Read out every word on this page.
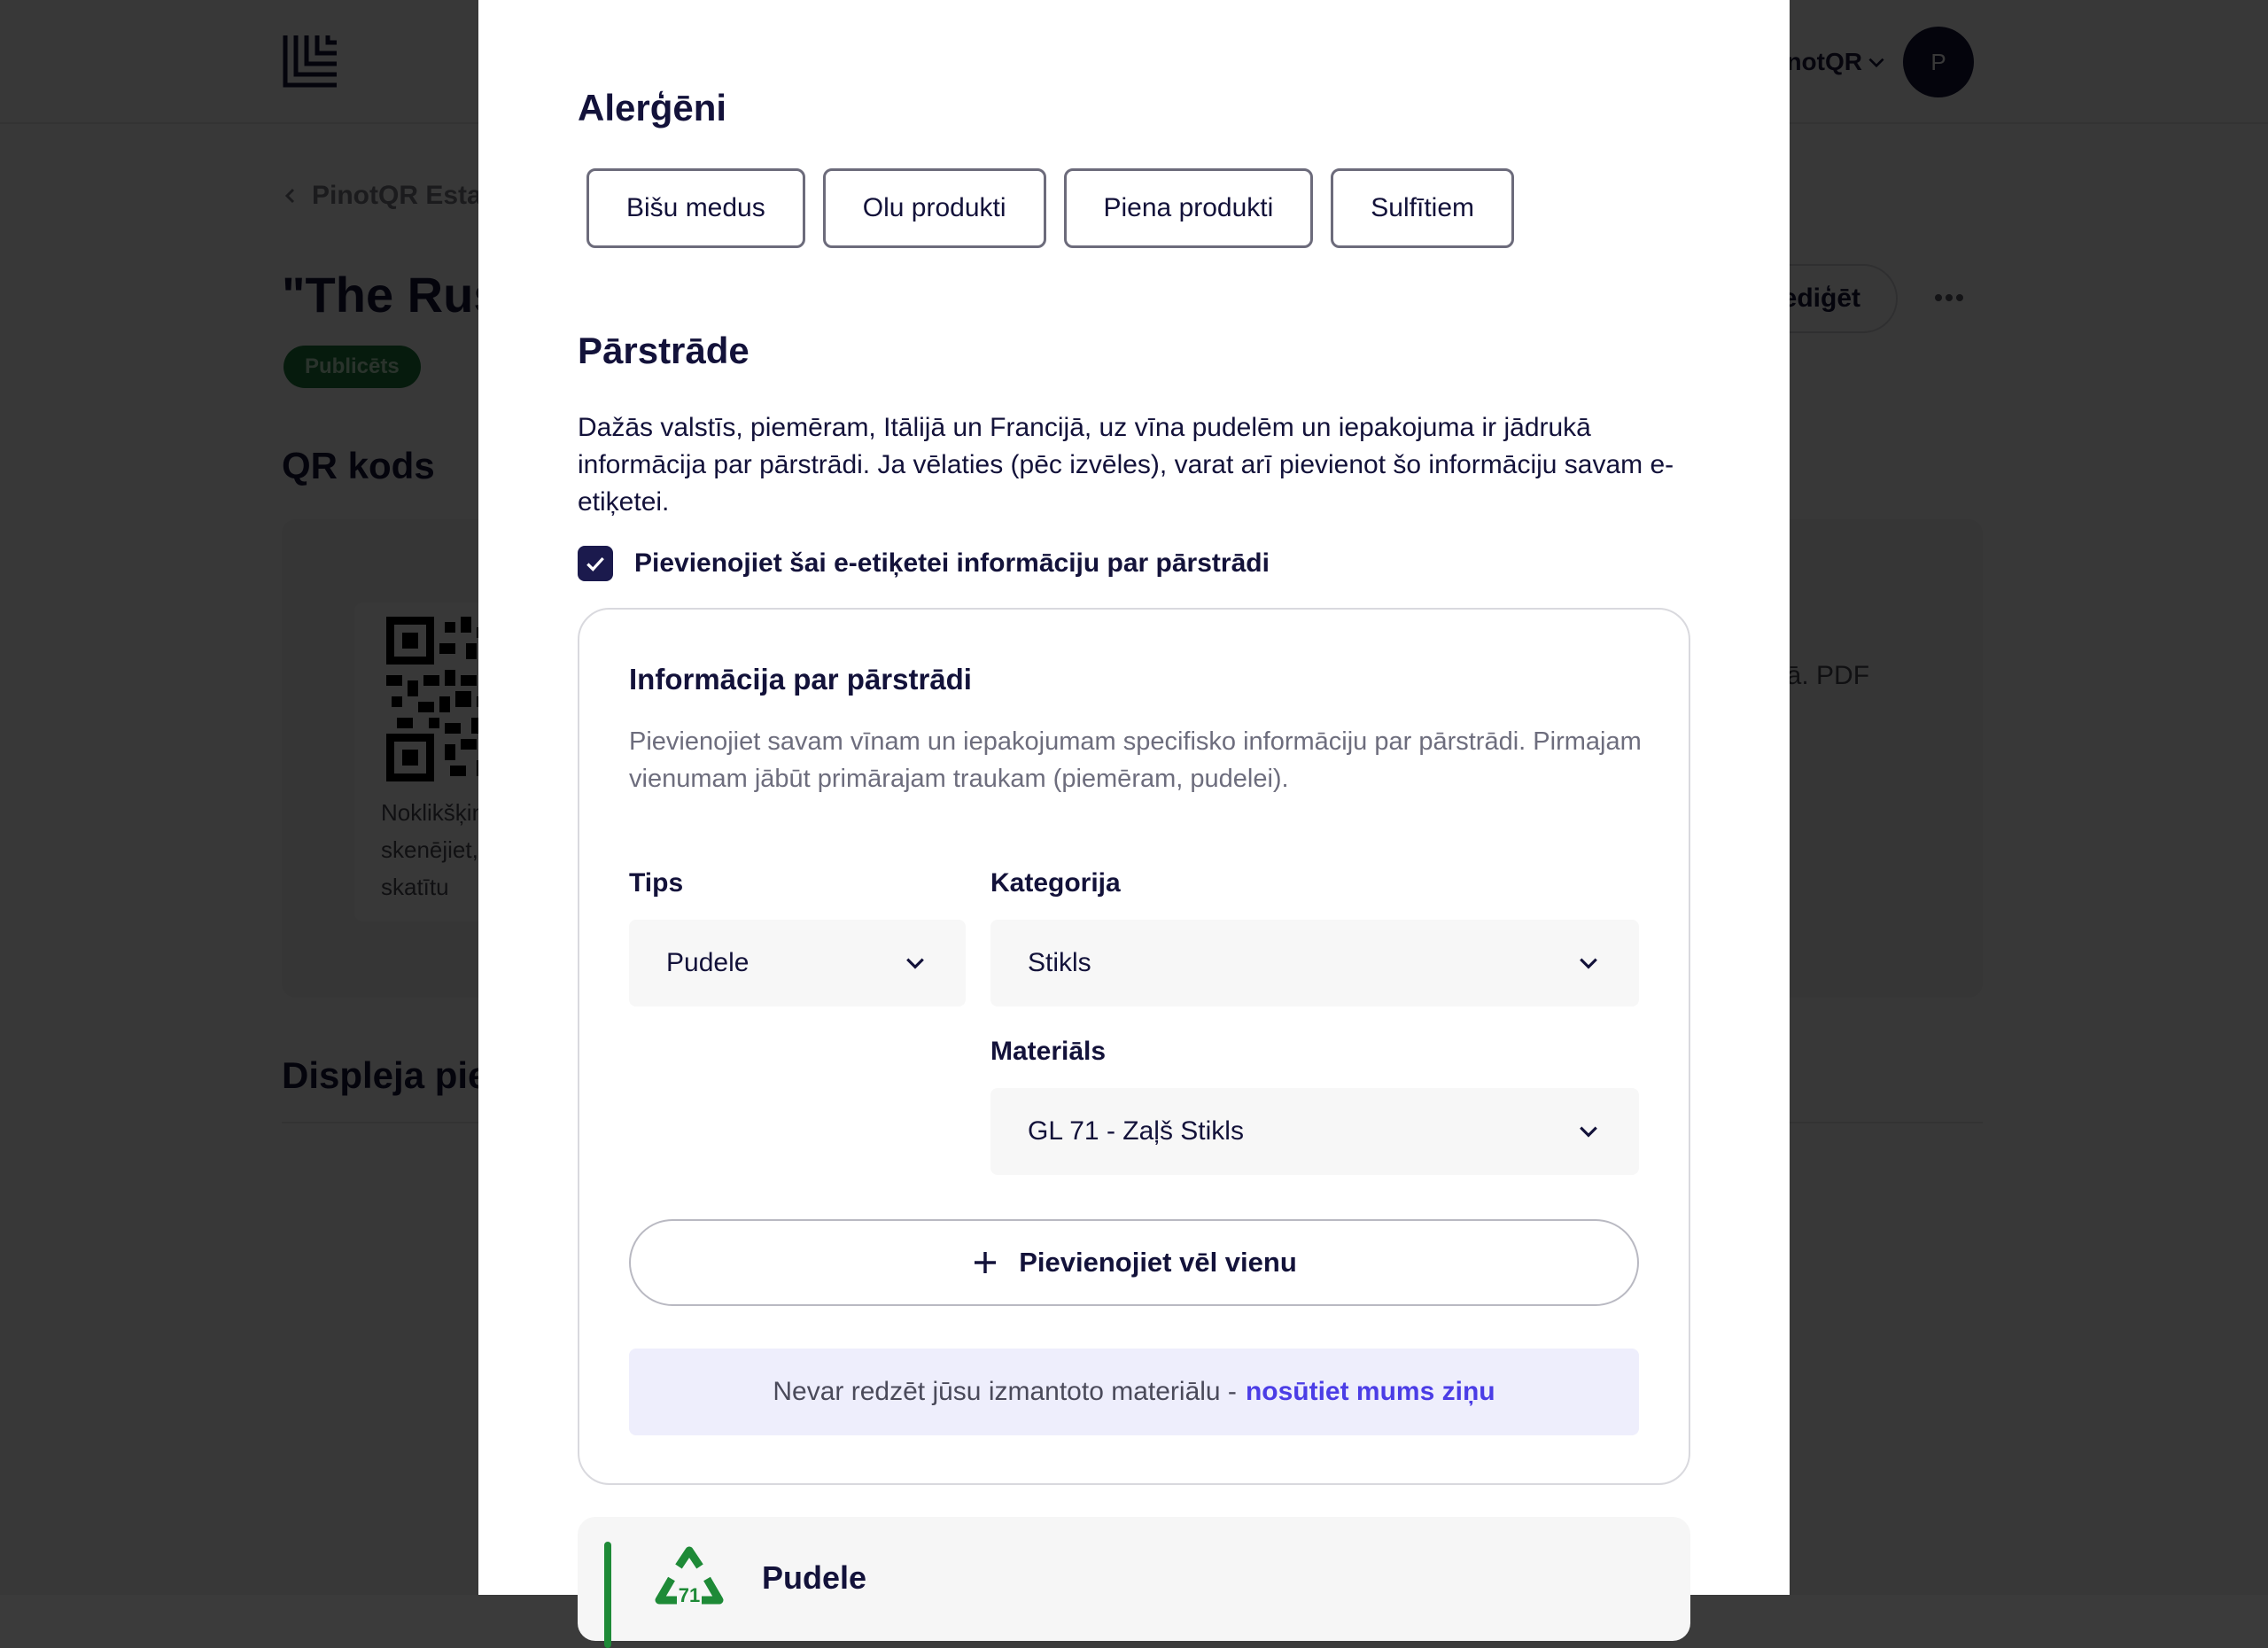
Alerģēni
Bišu medus	Olu produkti	Piena produkti	Sulfītiem
Pārstrāde
Dažās valstīs, piemēram, Itālijā un Francijā, uz vīna pudelēm un iepakojuma ir jādrukā informācija par pārstrādi. Ja vēlaties (pēc izvēles), varat arī pievienot šo informāciju savam e-etiķetei.
Pievienojiet šai e-etiķetei informāciju par pārstrādi
Informācija par pārstrādi
Pievienojiet savam vīnam un iepakojumam specifisko informāciju par pārstrādi. Pirmajam vienumam jābūt primārajam traukam (piemēram, pudelei).
Tips
Pudele
Kategorija
Stikls
Materiāls
GL 71 - Zaļš Stikls
Pievienojiet vēl vienu
Nevar redzēt jūsu izmantoto materiālu - nosūtiet mums ziņu
71 Pudele
